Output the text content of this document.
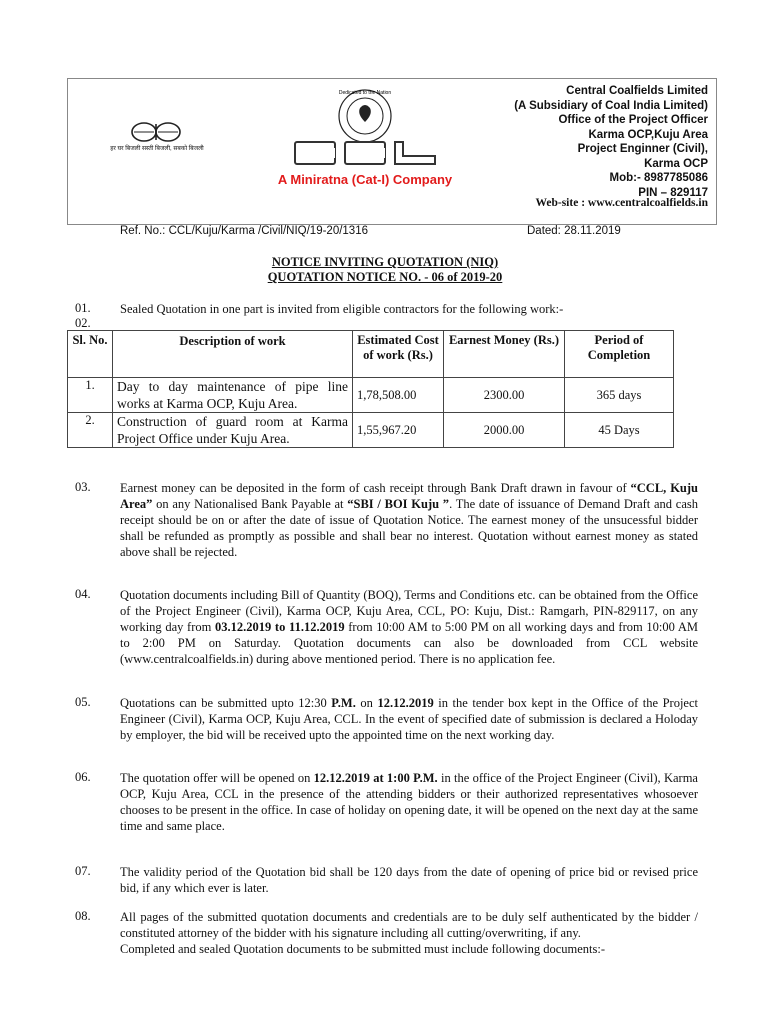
हर घर बिजली सस्ती बिजली, सबको बिजली
Dedicated to the Nation
A Miniratna (Cat-I) Company
Central Coalfields Limited
(A Subsidiary of Coal India Limited)
Office of the Project Officer
Karma OCP,Kuju Area
Project Enginner (Civil),
Karma OCP
Mob:- 8987785086
PIN – 829117
Web-site : www.centralcoalfields.in
Ref. No.: CCL/Kuju/Karma /Civil/NIQ/19-20/1316	Dated: 28.11.2019
NOTICE INVITING QUOTATION (NIQ)
QUOTATION NOTICE NO. - 06 of 2019-20
01.
02.
Sealed Quotation in one part is invited from eligible contractors for the following work:-
Sl. No.	Description of work	Estimated Cost of work (Rs.)	Earnest Money (Rs.)	Period of Completion
1.	Day to day maintenance of pipe line works at Karma OCP, Kuju Area.	1,78,508.00	2300.00	365 days
2.	Construction of guard room at Karma Project Office under Kuju Area.	1,55,967.20	2000.00	45 Days
03. Earnest money can be deposited in the form of cash receipt through Bank Draft drawn in favour of “CCL, Kuju Area” on any Nationalised Bank Payable at “SBI / BOI Kuju ”. The date of issuance of Demand Draft and cash receipt should be on or after the date of issue of Quotation Notice. The earnest money of the unsucessful bidder shall be refunded as promptly as possible and shall bear no interest. Quotation without earnest money as stated above shall be rejected.
04. Quotation documents including Bill of Quantity (BOQ), Terms and Conditions etc. can be obtained from the Office of the Project Engineer (Civil), Karma OCP, Kuju Area, CCL, PO: Kuju, Dist.: Ramgarh, PIN-829117, on any working day from 03.12.2019 to 11.12.2019 from 10:00 AM to 5:00 PM on all working days and from 10:00 AM to 2:00 PM on Saturday. Quotation documents can also be downloaded from CCL website (www.centralcoalfields.in) during above mentioned period. There is no application fee.
05. Quotations can be submitted upto 12:30 P.M. on 12.12.2019 in the tender box kept in the Office of the Project Engineer (Civil), Karma OCP, Kuju Area, CCL. In the event of specified date of submission is declared a Holoday by employer, the bid will be received upto the appointed time on the next working day.
06. The quotation offer will be opened on 12.12.2019 at 1:00 P.M. in the office of the Project Engineer (Civil), Karma OCP, Kuju Area, CCL in the presence of the attending bidders or their authorized representatives whosoever chooses to be present in the office. In case of holiday on opening date, it will be opened on the next day at the same time and same place.
07. The validity period of the Quotation bid shall be 120 days from the date of opening of price bid or revised price bid, if any which ever is later.
08. All pages of the submitted quotation documents and credentials are to be duly self authenticated by the bidder / constituted attorney of the bidder with his signature including all cutting/overwriting, if any.
Completed and sealed Quotation documents to be submitted must include following documents:-
